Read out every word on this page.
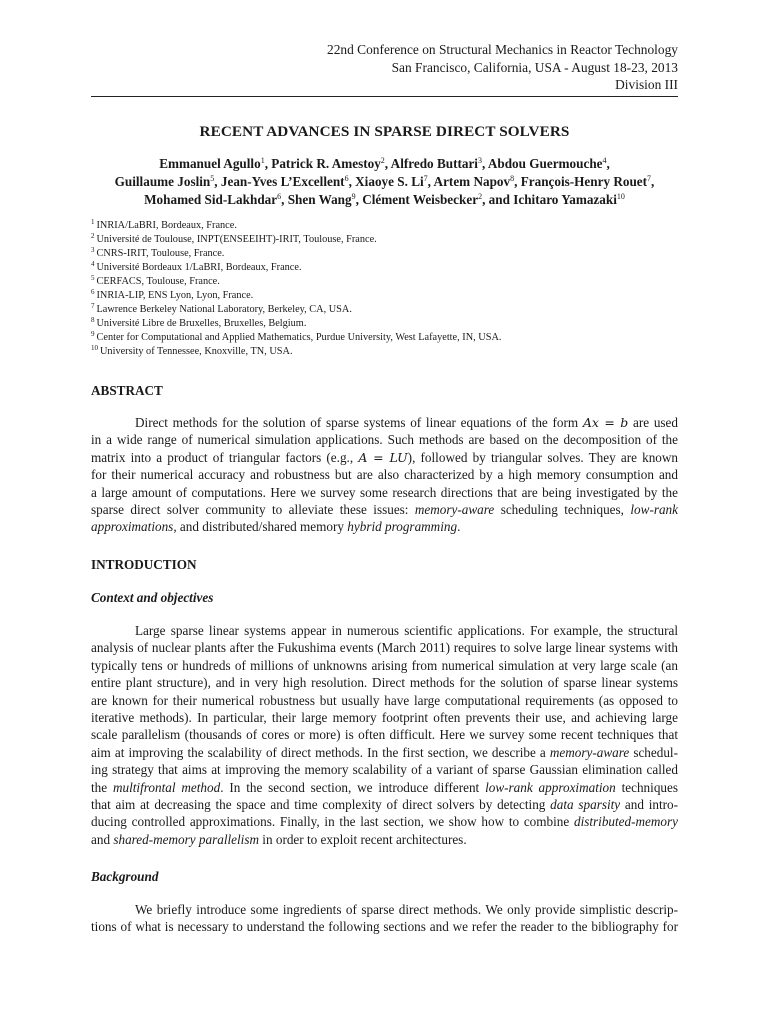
22nd Conference on Structural Mechanics in Reactor Technology
San Francisco, California, USA - August 18-23, 2013
Division III
RECENT ADVANCES IN SPARSE DIRECT SOLVERS
Emmanuel Agullo$^1$, Patrick R. Amestoy$^2$, Alfredo Buttari$^3$, Abdou Guermouche$^4$,
Guillaume Joslin$^5$, Jean-Yves L’Excellent$^6$, Xiaoye S. Li$^7$, Artem Napov$^8$, François-Henry Rouet$^7$,
Mohamed Sid-Lakhdar$^6$, Shen Wang$^9$, Clément Weisbecker$^2$, and Ichitaro Yamazaki$^{10}$
$^1$ INRIA/LaBRI, Bordeaux, France.
$^2$ Université de Toulouse, INPT(ENSEEIHT)-IRIT, Toulouse, France.
$^3$ CNRS-IRIT, Toulouse, France.
$^4$ Université Bordeaux 1/LaBRI, Bordeaux, France.
$^5$ CERFACS, Toulouse, France.
$^6$ INRIA-LIP, ENS Lyon, Lyon, France.
$^7$ Lawrence Berkeley National Laboratory, Berkeley, CA, USA.
$^8$ Université Libre de Bruxelles, Bruxelles, Belgium.
$^9$ Center for Computational and Applied Mathematics, Purdue University, West Lafayette, IN, USA.
$^{10}$ University of Tennessee, Knoxville, TN, USA.
ABSTRACT
Direct methods for the solution of sparse systems of linear equations of the form Ax = b are used
in a wide range of numerical simulation applications. Such methods are based on the decomposition of the
matrix into a product of triangular factors (e.g., A = LU), followed by triangular solves. They are known
for their numerical accuracy and robustness but are also characterized by a high memory consumption and
a large amount of computations. Here we survey some research directions that are being investigated by the
sparse direct solver community to alleviate these issues: memory-aware scheduling techniques, low-rank
approximations, and distributed/shared memory hybrid programming.
INTRODUCTION
Context and objectives
Large sparse linear systems appear in numerous scientific applications. For example, the structural
analysis of nuclear plants after the Fukushima events (March 2011) requires to solve large linear systems with
typically tens or hundreds of millions of unknowns arising from numerical simulation at very large scale (an
entire plant structure), and in very high resolution. Direct methods for the solution of sparse linear systems
are known for their numerical robustness but usually have large computational requirements (as opposed to
iterative methods). In particular, their large memory footprint often prevents their use, and achieving large
scale parallelism (thousands of cores or more) is often difficult. Here we survey some recent techniques that
aim at improving the scalability of direct methods. In the first section, we describe a memory-aware schedul-
ing strategy that aims at improving the memory scalability of a variant of sparse Gaussian elimination called
the multifrontal method. In the second section, we introduce different low-rank approximation techniques
that aim at decreasing the space and time complexity of direct solvers by detecting data sparsity and intro-
ducing controlled approximations. Finally, in the last section, we show how to combine distributed-memory
and shared-memory parallelism in order to exploit recent architectures.
Background
We briefly introduce some ingredients of sparse direct methods. We only provide simplistic descrip-
tions of what is necessary to understand the following sections and we refer the reader to the bibliography for
